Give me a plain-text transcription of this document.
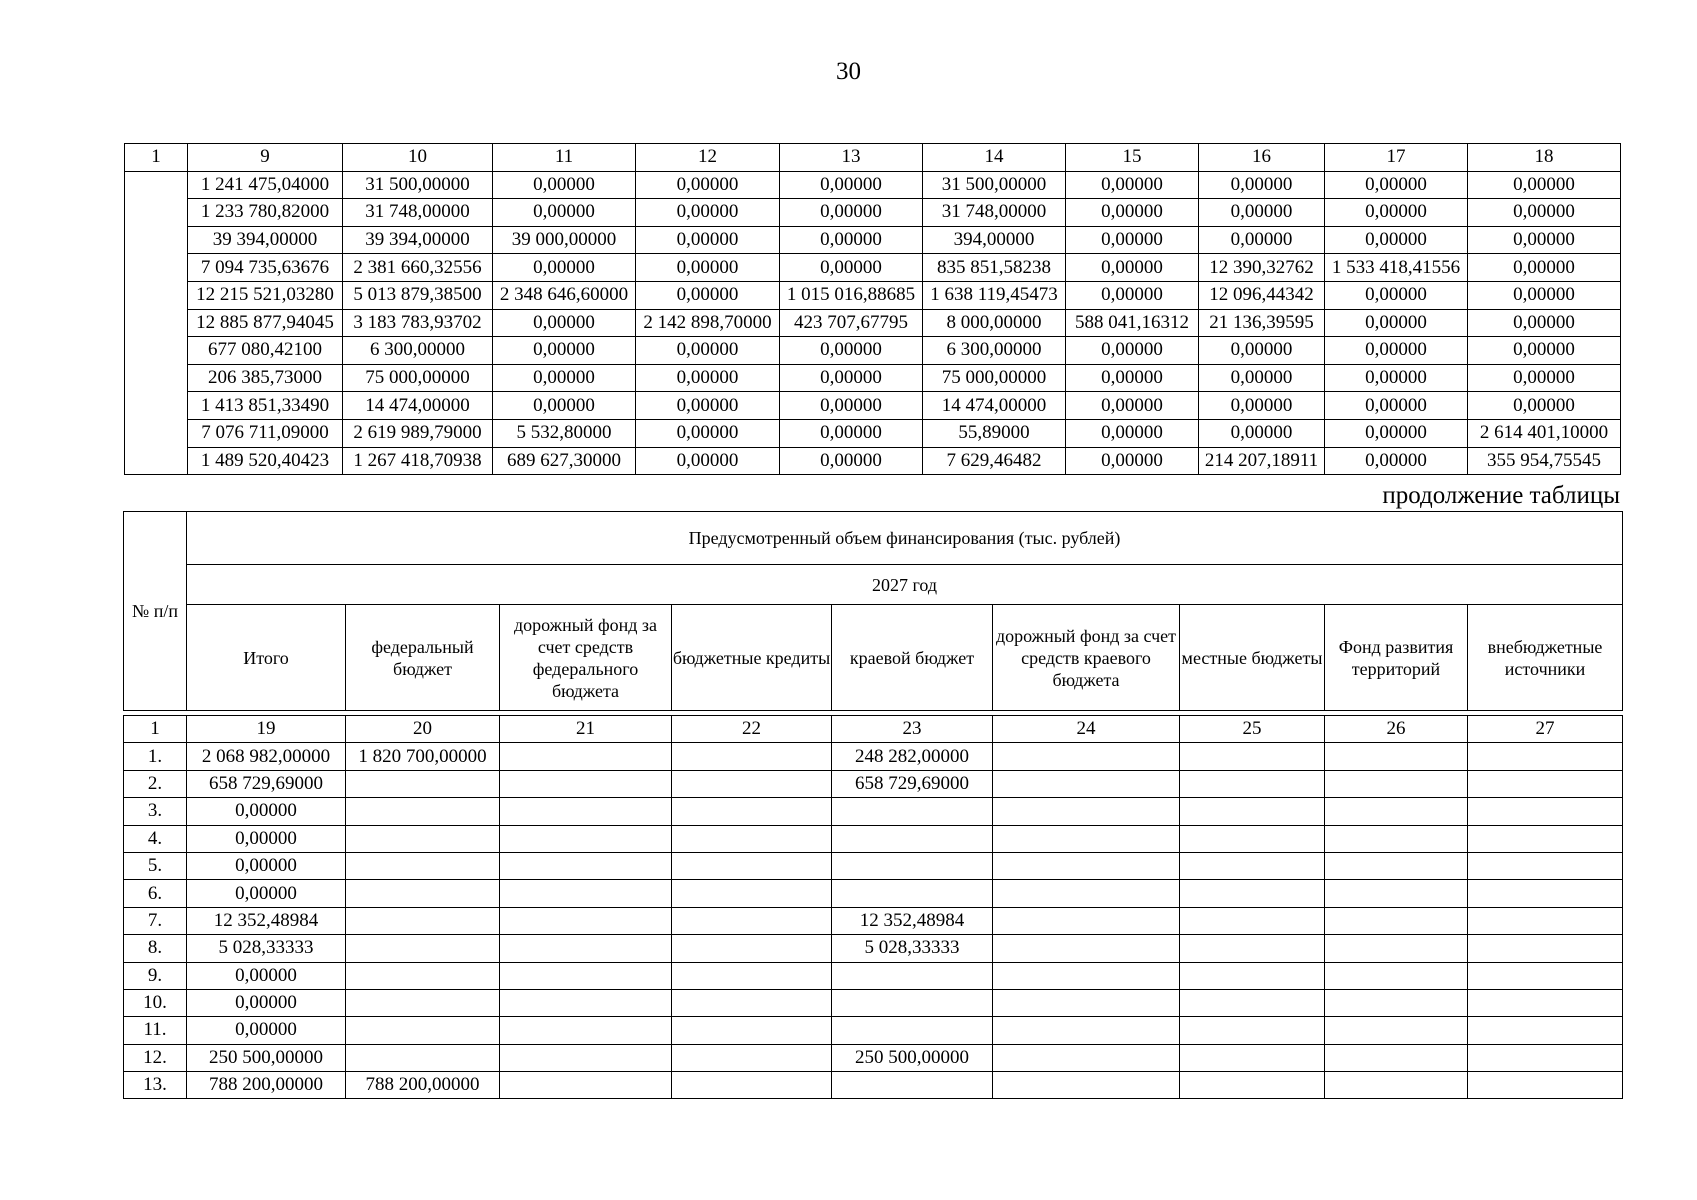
30
1	9	10	11	12	13	14	15	16	17	18
	1 241 475,04000	31 500,00000	0,00000	0,00000	0,00000	31 500,00000	0,00000	0,00000	0,00000	0,00000
	1 233 780,82000	31 748,00000	0,00000	0,00000	0,00000	31 748,00000	0,00000	0,00000	0,00000	0,00000
	39 394,00000	39 394,00000	39 000,00000	0,00000	0,00000	394,00000	0,00000	0,00000	0,00000	0,00000
	7 094 735,63676	2 381 660,32556	0,00000	0,00000	0,00000	835 851,58238	0,00000	12 390,32762	1 533 418,41556	0,00000
	12 215 521,03280	5 013 879,38500	2 348 646,60000	0,00000	1 015 016,88685	1 638 119,45473	0,00000	12 096,44342	0,00000	0,00000
	12 885 877,94045	3 183 783,93702	0,00000	2 142 898,70000	423 707,67795	8 000,00000	588 041,16312	21 136,39595	0,00000	0,00000
	677 080,42100	6 300,00000	0,00000	0,00000	0,00000	6 300,00000	0,00000	0,00000	0,00000	0,00000
	206 385,73000	75 000,00000	0,00000	0,00000	0,00000	75 000,00000	0,00000	0,00000	0,00000	0,00000
	1 413 851,33490	14 474,00000	0,00000	0,00000	0,00000	14 474,00000	0,00000	0,00000	0,00000	0,00000
	7 076 711,09000	2 619 989,79000	5 532,80000	0,00000	0,00000	55,89000	0,00000	0,00000	0,00000	2 614 401,10000
	1 489 520,40423	1 267 418,70938	689 627,30000	0,00000	0,00000	7 629,46482	0,00000	214 207,18911	0,00000	355 954,75545
продолжение таблицы
№ п/п	Предусмотренный объем финансирования (тыс. рублей)								
	2027 год								
	Итого	федеральный бюджет	дорожный фонд за счет средств федерального бюджета	бюджетные кредиты	краевой бюджет	дорожный фонд за счет средств краевого бюджета	местные бюджеты	Фонд развития территорий	внебюджетные источники
1	19	20	21	22	23	24	25	26	27
1.	2 068 982,00000	1 820 700,00000			248 282,00000				
2.	658 729,69000				658 729,69000				
3.	0,00000								
4.	0,00000								
5.	0,00000								
6.	0,00000								
7.	12 352,48984				12 352,48984				
8.	5 028,33333				5 028,33333				
9.	0,00000								
10.	0,00000								
11.	0,00000								
12.	250 500,00000				250 500,00000				
13.	788 200,00000	788 200,00000							
